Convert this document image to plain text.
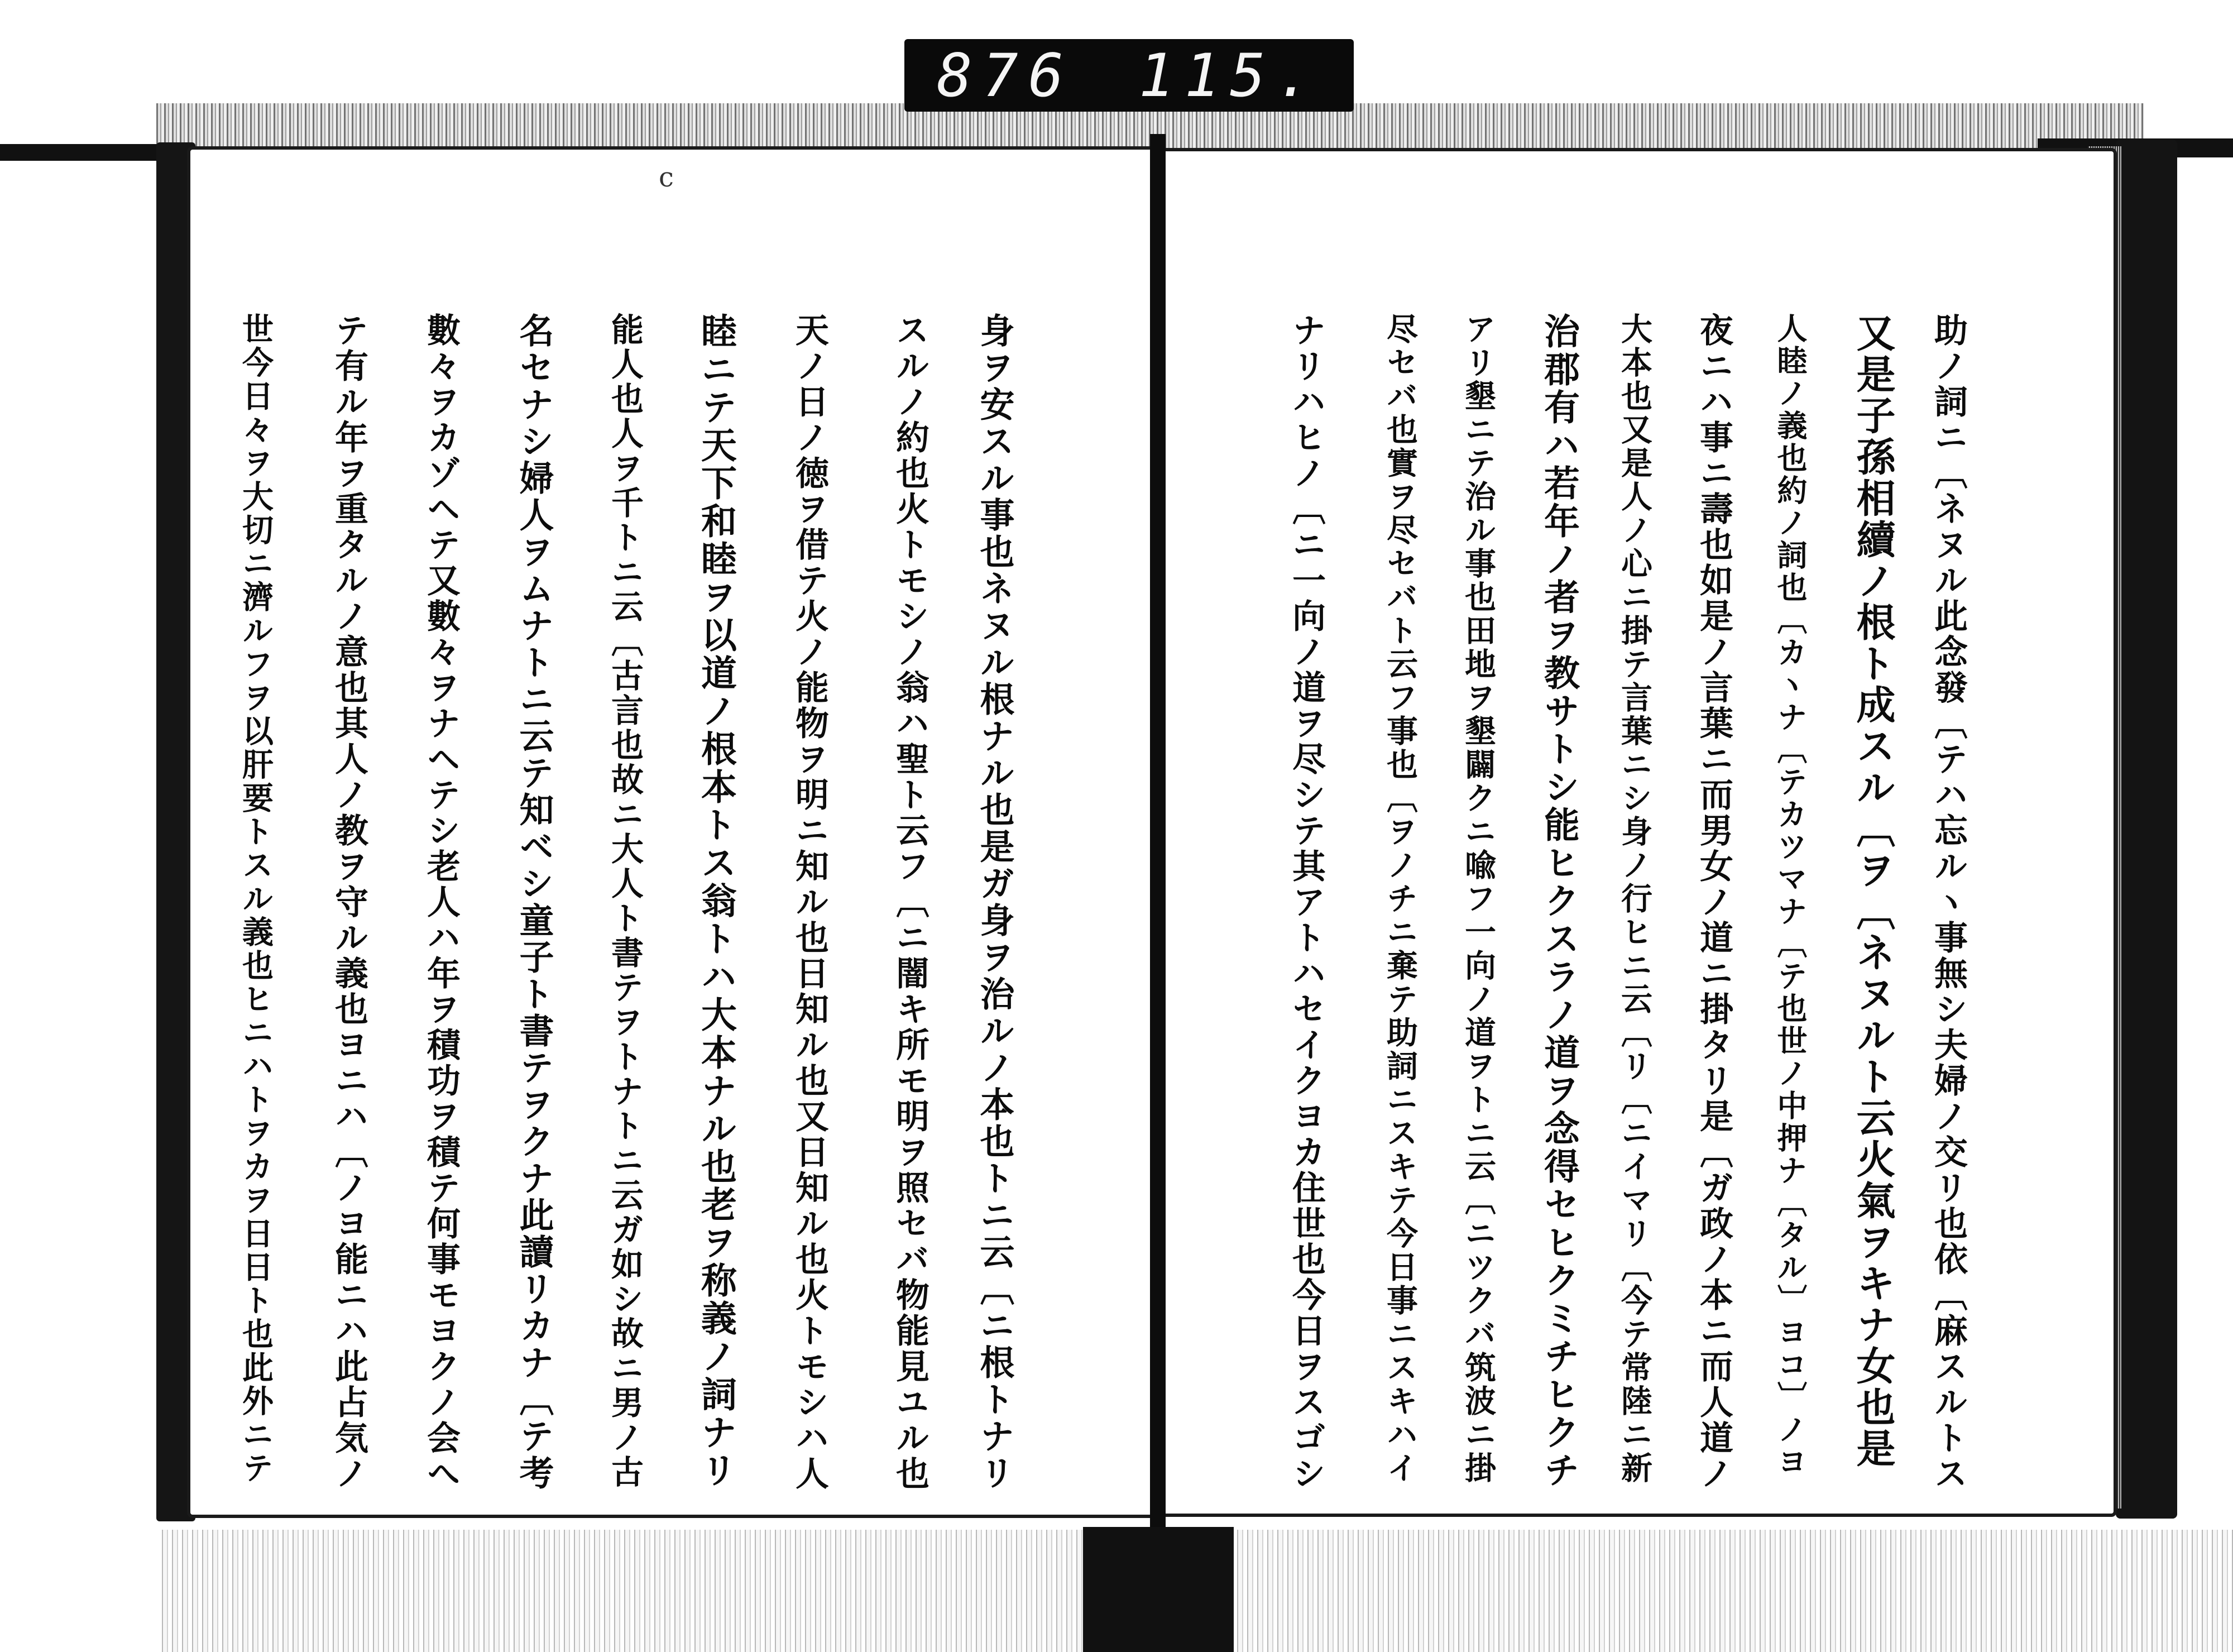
876 115.
c
助ノ詞ニ〔ネヌル此念發〔テハ忘ルヽ事無シ夫婦ノ交リ也依〔麻スルトス
又是子孫相續ノ根ト成スル〔ヲ〔ネヌルト云火氣ヲキナ女也是
人睦ノ義也約ノ詞也〔カヽナ〔テカツマナ〔テ也世ノ中押ナ〔タル〕ヨコ〕ノヨ
夜ニハ事ニ壽也如是ノ言葉ニ而男女ノ道ニ掛タリ是〔ガ政ノ本ニ而人道ノ
大本也又是人ノ心ニ掛テ言葉ニシ身ノ行ヒニ云〔リ〔ニイマリ〔今テ常陸ニ新
治郡有ハ若年ノ者ヲ教サトシ能ヒクスラノ道ヲ念得セヒクミチヒクチ
アリ墾ニテ治ル事也田地ヲ墾闢クニ喩フ一向ノ道ヲトニ云〔ニツクバ筑波ニ掛
尽セバ也實ヲ尽セバト云フ事也〔ヲノチニ棄テ助詞ニスキテ今日事ニスキハイ
ナリハヒノ〔ニ一向ノ道ヲ尽シテ其アトハセイクヨカ住世也今日ヲスゴシ
身ヲ安スル事也ネヌル根ナル也是ガ身ヲ治ルノ本也トニ云〔ニ根トナリ
スルノ約也火トモシノ翁ハ聖ト云フ〔ニ闇キ所モ明ヲ照セバ物能見ユル也
天ノ日ノ徳ヲ借テ火ノ能物ヲ明ニ知ル也日知ル也又日知ル也火トモシハ人
睦ニテ天下和睦ヲ以道ノ根本トス翁トハ大本ナル也老ヲ称義ノ詞ナリ
能人也人ヲ千トニ云〔古言也故ニ大人ト書テヲトナトニ云ガ如シ故ニ男ノ古
名セナシ婦人ヲムナトニ云テ知ベシ童子ト書テヲクナ此讀リカナ〔テ考
數々ヲカゾヘテ又數々ヲナヘテシ老人ハ年ヲ積功ヲ積テ何事モヨクノ会へ
テ有ル年ヲ重タルノ意也其人ノ教ヲ守ル義也ヨニハ〔ノヨ能ニハ此占気ノ
世今日々ヲ大切ニ濟ルフヲ以肝要トスル義也ヒニハトヲカヲ日日ト也此外ニテ
